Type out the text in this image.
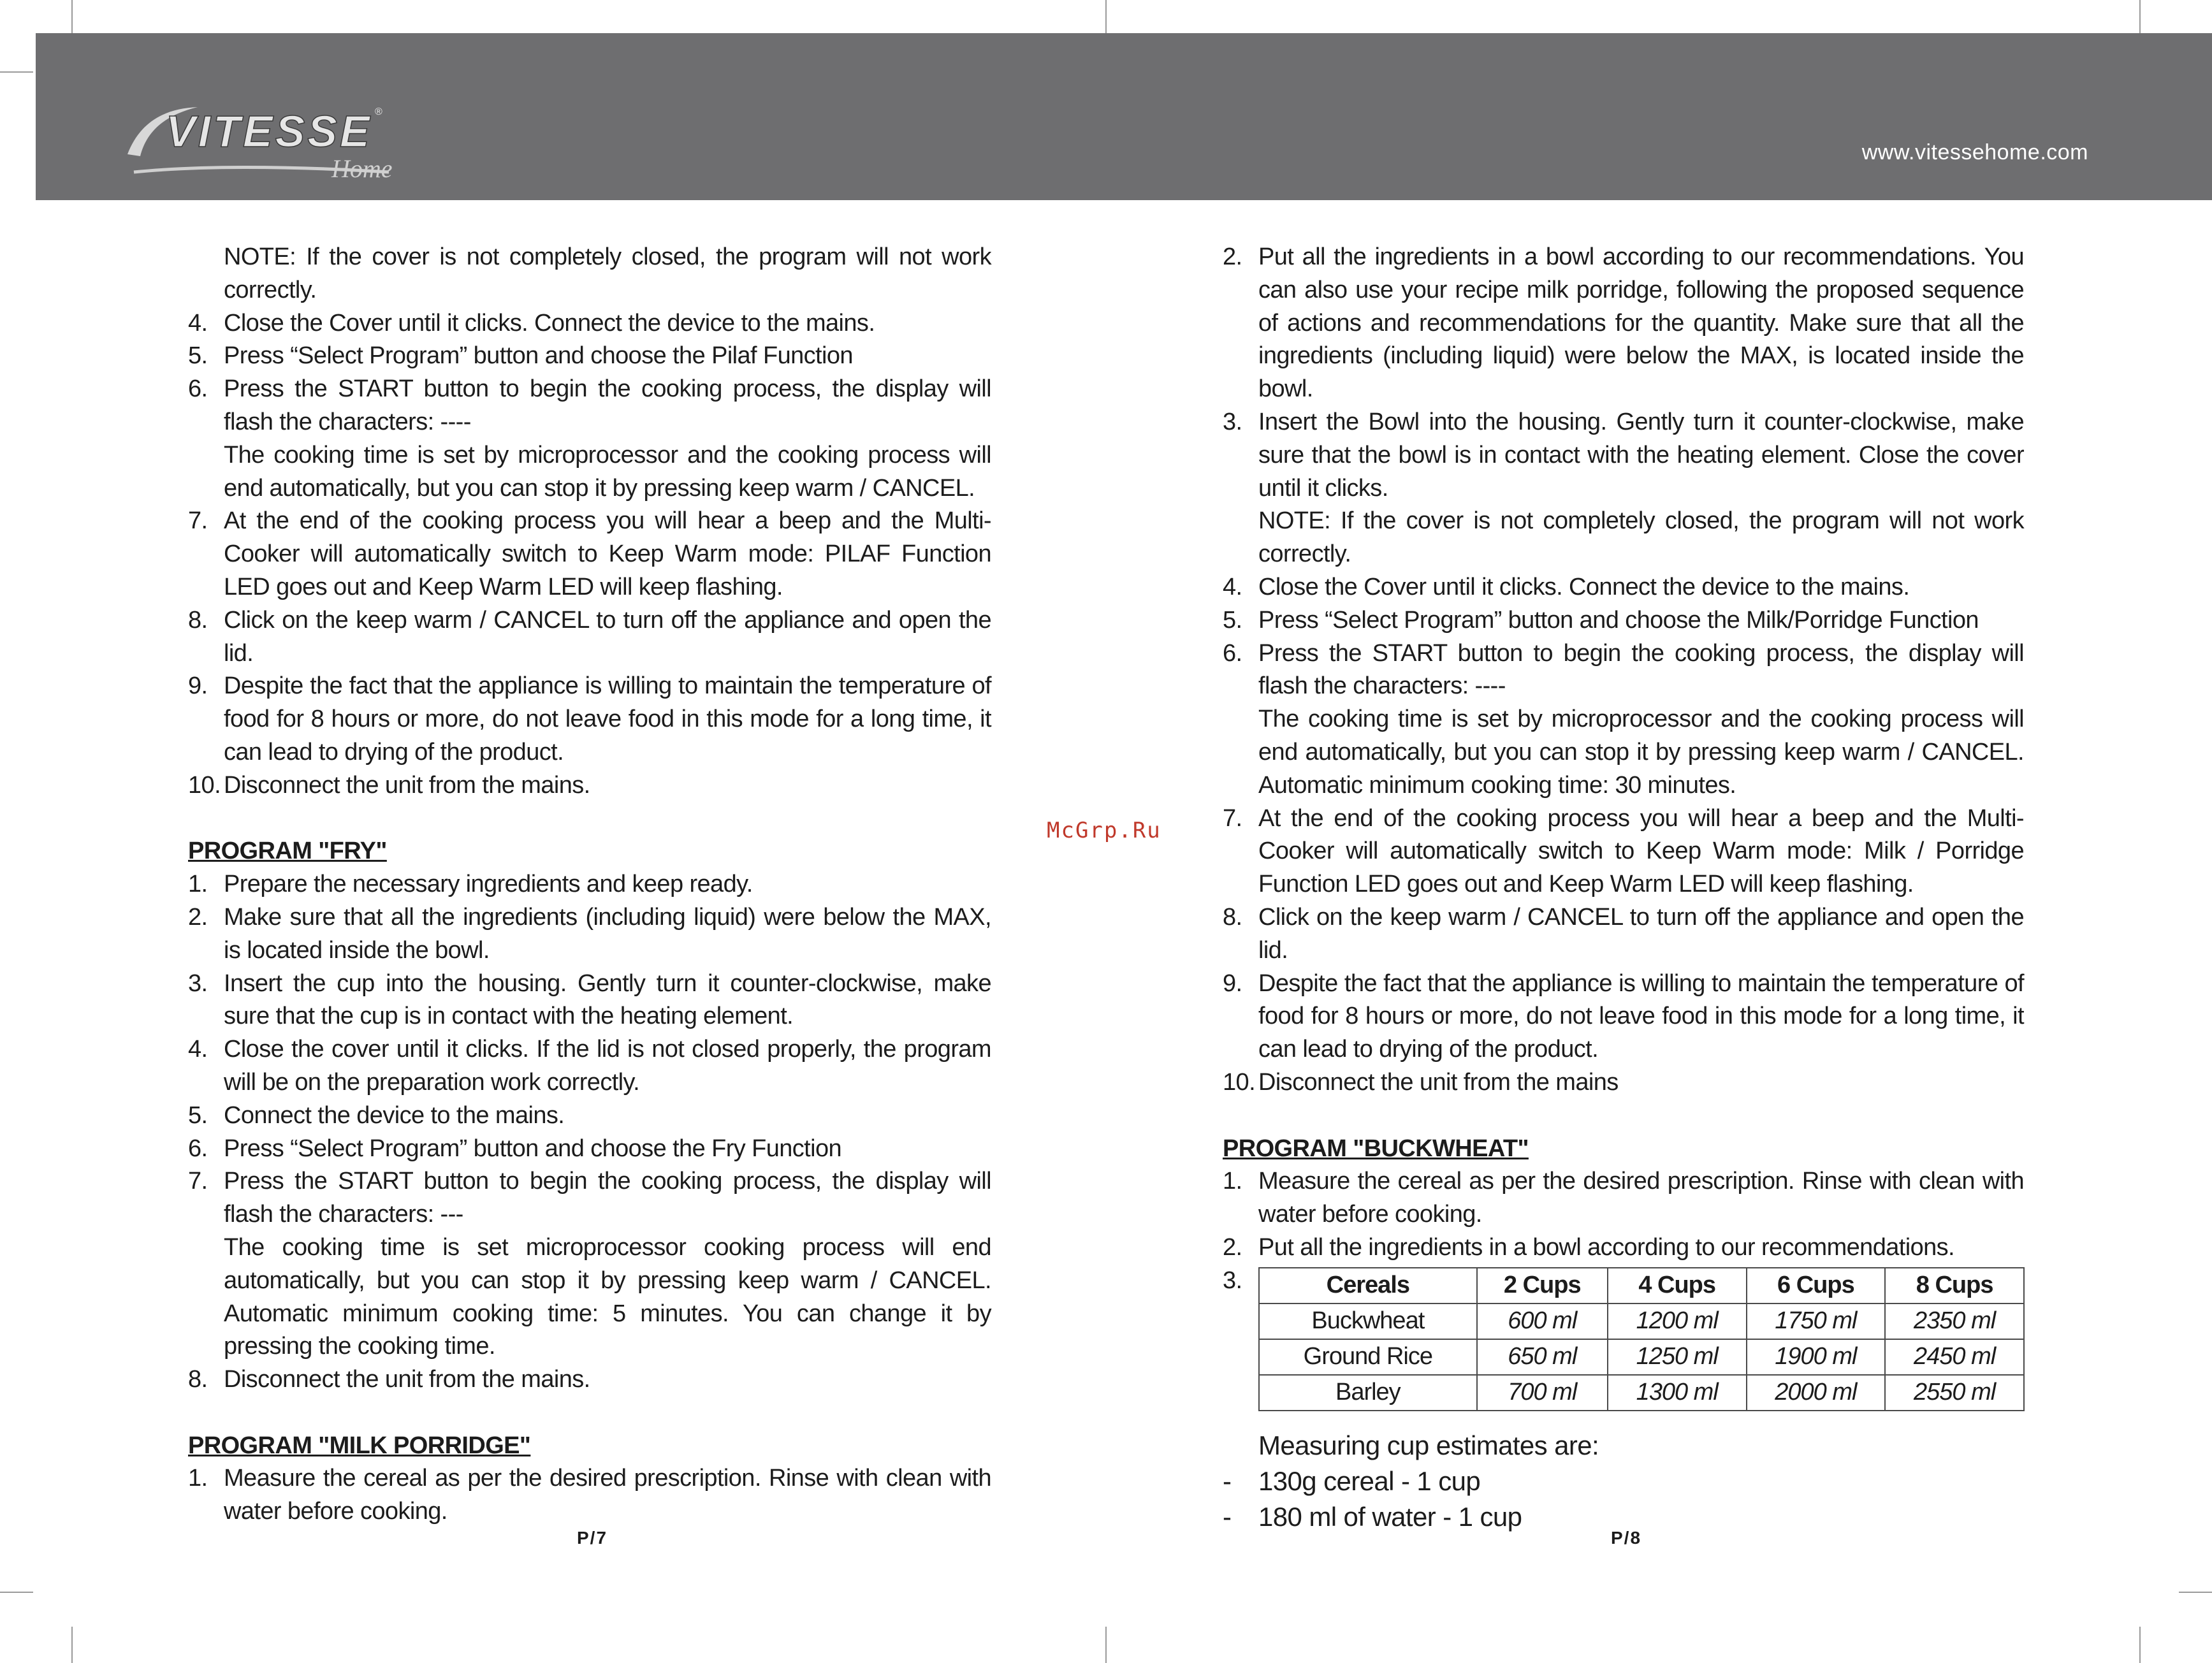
VITESSE ®
Home
www.vitessehome.com
McGrp.Ru
NOTE: If the cover is not completely closed, the program will not work correctly.
4. Close the Cover until it clicks. Connect the device to the mains.
5. Press “Select Program” button and choose the Pilaf Function
6. Press the START button to begin the cooking process, the display will flash the characters: ----
The cooking time is set by microprocessor and the cooking process will end automatically, but you can stop it by pressing keep warm / CANCEL.
7. At the end of the cooking process you will hear a beep and the Multi-Cooker will automatically switch to Keep Warm mode: PILAF Function LED goes out and Keep Warm LED will keep flashing.
8. Click on the keep warm / CANCEL to turn off the appliance and open the lid.
9. Despite the fact that the appliance is willing to maintain the temperature of food for 8 hours or more, do not leave food in this mode for a long time, it can lead to drying of the product.
10. Disconnect the unit from the mains.
PROGRAM "FRY"
1. Prepare the necessary ingredients and keep ready.
2. Make sure that all the ingredients (including liquid) were below the MAX, is located inside the bowl.
3. Insert the cup into the housing. Gently turn it counter-clockwise, make sure that the cup is in contact with the heating element.
4. Close the cover until it clicks. If the lid is not closed properly, the program will be on the preparation work correctly.
5. Connect the device to the mains.
6. Press “Select Program” button and choose the Fry Function
7. Press the START button to begin the cooking process, the display will flash the characters: ---
The cooking time is set microprocessor cooking process will end automatically, but you can stop it by pressing keep warm / CANCEL. Automatic minimum cooking time: 5 minutes. You can change it by pressing the cooking time.
8. Disconnect the unit from the mains.
PROGRAM "MILK PORRIDGE"
1. Measure the cereal as per the desired prescription. Rinse with clean with water before cooking.
P/7
2. Put all the ingredients in a bowl according to our recommendations. You can also use your recipe milk porridge, following the proposed sequence of actions and recommendations for the quantity. Make sure that all the ingredients (including liquid) were below the MAX, is located inside the bowl.
3. Insert the Bowl into the housing. Gently turn it counter-clockwise, make sure that the bowl is in contact with the heating element. Close the cover until it clicks.
NOTE: If the cover is not completely closed, the program will not work correctly.
4. Close the Cover until it clicks. Connect the device to the mains.
5. Press “Select Program” button and choose the Milk/Porridge Function
6. Press the START button to begin the cooking process, the display will flash the characters: ----
The cooking time is set by microprocessor and the cooking process will end automatically, but you can stop it by pressing keep warm / CANCEL. Automatic minimum cooking time: 30 minutes.
7. At the end of the cooking process you will hear a beep and the Multi-Cooker will automatically switch to Keep Warm mode: Milk / Porridge Function LED goes out and Keep Warm LED will keep flashing.
8. Click on the keep warm / CANCEL to turn off the appliance and open the lid.
9. Despite the fact that the appliance is willing to maintain the temperature of food for 8 hours or more, do not leave food in this mode for a long time, it can lead to drying of the product.
10. Disconnect the unit from the mains
PROGRAM "BUCKWHEAT"
1. Measure the cereal as per the desired prescription. Rinse with clean with water before cooking.
2. Put all the ingredients in a bowl according to our recommendations.
3.	Cereals	2 Cups	4 Cups	6 Cups	8 Cups
Buckwheat	600 ml	1200 ml	1750 ml	2350 ml
Ground Rice	650 ml	1250 ml	1900 ml	2450 ml
Barley	700 ml	1300 ml	2000 ml	2550 ml
Measuring cup estimates are:
- 130g cereal - 1 cup
- 180 ml of water - 1 cup
P/8
